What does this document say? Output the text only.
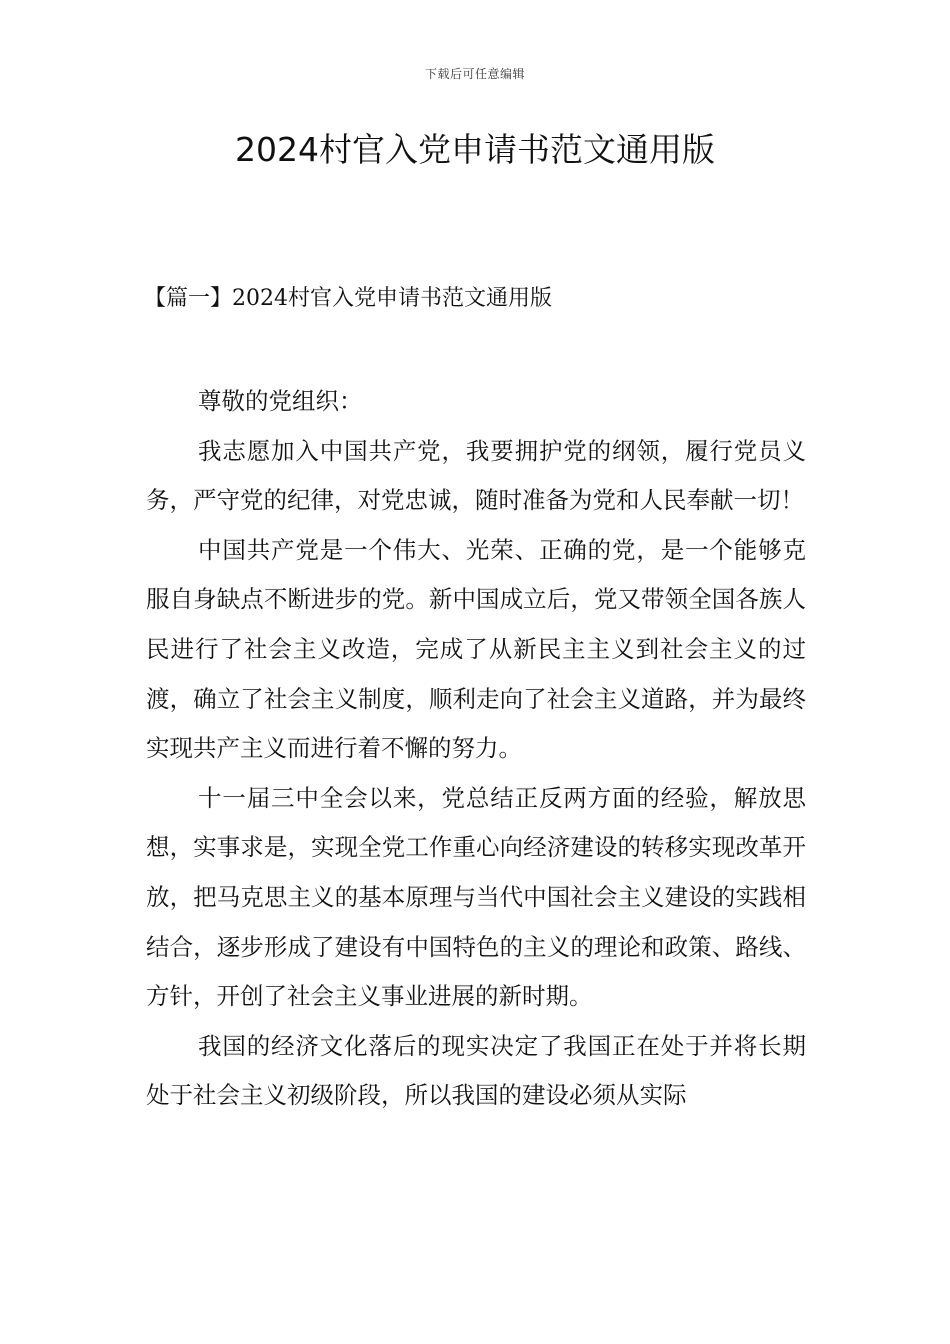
下载后可任意编辑
2024村官入党申请书范文通用版
【篇一】2024村官入党申请书范文通用版

尊敬的党组织：

我志愿加入中国共产党，我要拥护党的纲领，履行党员义务，严守党的纪律，对党忠诚，随时准备为党和人民奉献一切！

中国共产党是一个伟大、光荣、正确的党，是一个能够克服自身缺点不断进步的党。新中国成立后，党又带领全国各族人民进行了社会主义改造，完成了从新民主主义到社会主义的过渡，确立了社会主义制度，顺利走向了社会主义道路，并为最终实现共产主义而进行着不懈的努力。

十一届三中全会以来，党总结正反两方面的经验，解放思想，实事求是，实现全党工作重心向经济建设的转移实现改革开放，把马克思主义的基本原理与当代中国社会主义建设的实践相结合，逐步形成了建设有中国特色的主义的理论和政策、路线、方针，开创了社会主义事业进展的新时期。

我国的经济文化落后的现实决定了我国正在处于并将长期处于社会主义初级阶段，所以我国的建设必须从实际
